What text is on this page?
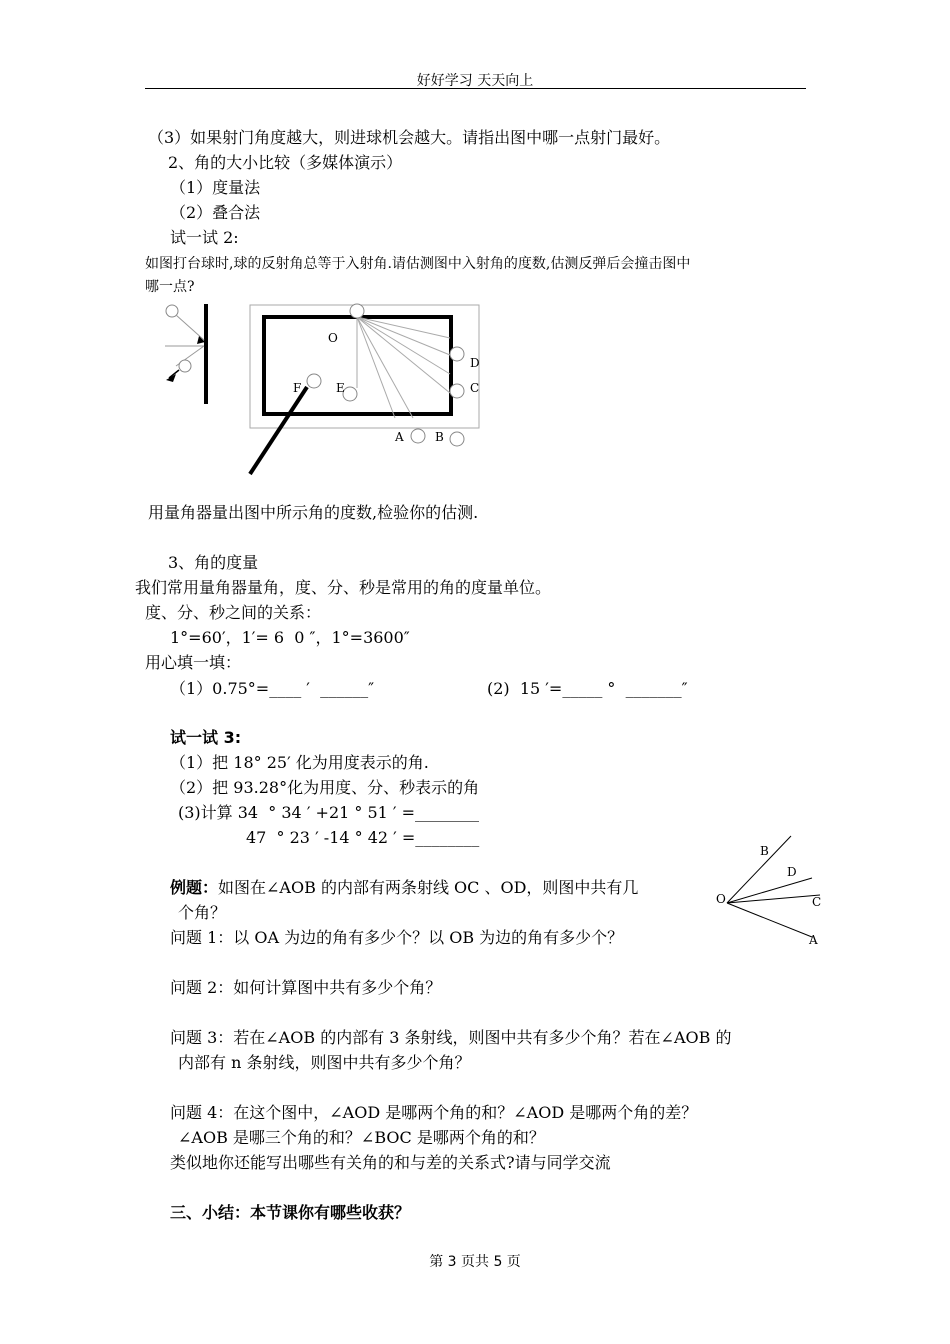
好好学习 天天向上
（3）如果射门角度越大，则进球机会越大。请指出图中哪一点射门最好。
2、角的大小比较（多媒体演示）
（1）度量法
（2）叠合法
试一试 2:
如图打台球时,球的反射角总等于入射角.请估测图中入射角的度数,估测反弹后会撞击图中
哪一点?
O
D
C
F	E
A	B
用量角器量出图中所示角的度数,检验你的估测.
3、角的度量
我们常用量角器量角，度、分、秒是常用的角的度量单位。
度、分、秒之间的关系：
1°=60′，1′= 6  0 ″，1°=3600″
用心填一填：
（1）0.75°=____ ′  ______″	(2)  15 ′=_____ °  _______″
试一试 3:
（1）把 18° 25′ 化为用度表示的角.
（2）把 93.28°化为用度、分、秒表示的角
(3)计算 34  ° 34 ′ +21 ° 51 ′ =________
47  ° 23 ′ -14 ° 42 ′ =________
例题：如图在∠AOB 的内部有两条射线 OC 、OD，则图中共有几
个角？
问题 1：以 OA 为边的角有多少个？以 OB 为边的角有多少个？
问题 2：如何计算图中共有多少个角？
问题 3：若在∠AOB 的内部有 3 条射线，则图中共有多少个角？若在∠AOB 的
内部有 n 条射线，则图中共有多少个角？
问题 4：在这个图中，∠AOD 是哪两个角的和？∠AOD 是哪两个角的差？
∠AOB 是哪三个角的和？∠BOC 是哪两个角的和？
类似地你还能写出哪些有关角的和与差的关系式?请与同学交流
三、小结：本节课你有哪些收获？
B
D
O	C
A
第 3 页共 5 页
